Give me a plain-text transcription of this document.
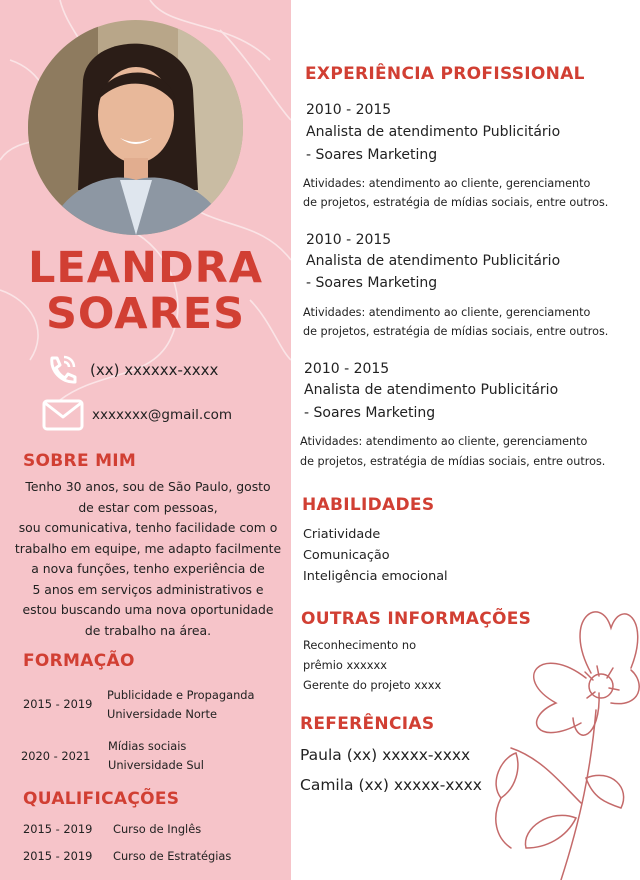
LEANDRA
SOARES
(xx) xxxxxx-xxxx
xxxxxxx@gmail.com
SOBRE MIM
Tenho 30 anos, sou de São Paulo, gosto
de estar com pessoas,
sou comunicativa, tenho facilidade com o
trabalho em equipe, me adapto facilmente
a nova funções, tenho experiência de
5 anos em serviços administrativos e
estou buscando uma nova oportunidade
de trabalho na área.
FORMAÇÃO
2015 - 2019
Publicidade e Propaganda
Universidade Norte
2020 - 2021
Mídias sociais
Universidade Sul
QUALIFICAÇÕES
2015 - 2019 Curso de Inglês
2015 - 2019 Curso de Estratégias
EXPERIÊNCIA PROFISSIONAL
2010 - 2015
Analista de atendimento Publicitário
- Soares Marketing
Atividades: atendimento ao cliente, gerenciamento
de projetos, estratégia de mídias sociais, entre outros.
2010 - 2015
Analista de atendimento Publicitário
- Soares Marketing
Atividades: atendimento ao cliente, gerenciamento
de projetos, estratégia de mídias sociais, entre outros.
2010 - 2015
Analista de atendimento Publicitário
- Soares Marketing
Atividades: atendimento ao cliente, gerenciamento
de projetos, estratégia de mídias sociais, entre outros.
HABILIDADES
Criatividade
Comunicação
Inteligência emocional
OUTRAS INFORMAÇÕES
Reconhecimento no
prêmio xxxxxx
Gerente do projeto xxxx
REFERÊNCIAS
Paula (xx) xxxxx-xxxx
Camila (xx) xxxxx-xxxx
